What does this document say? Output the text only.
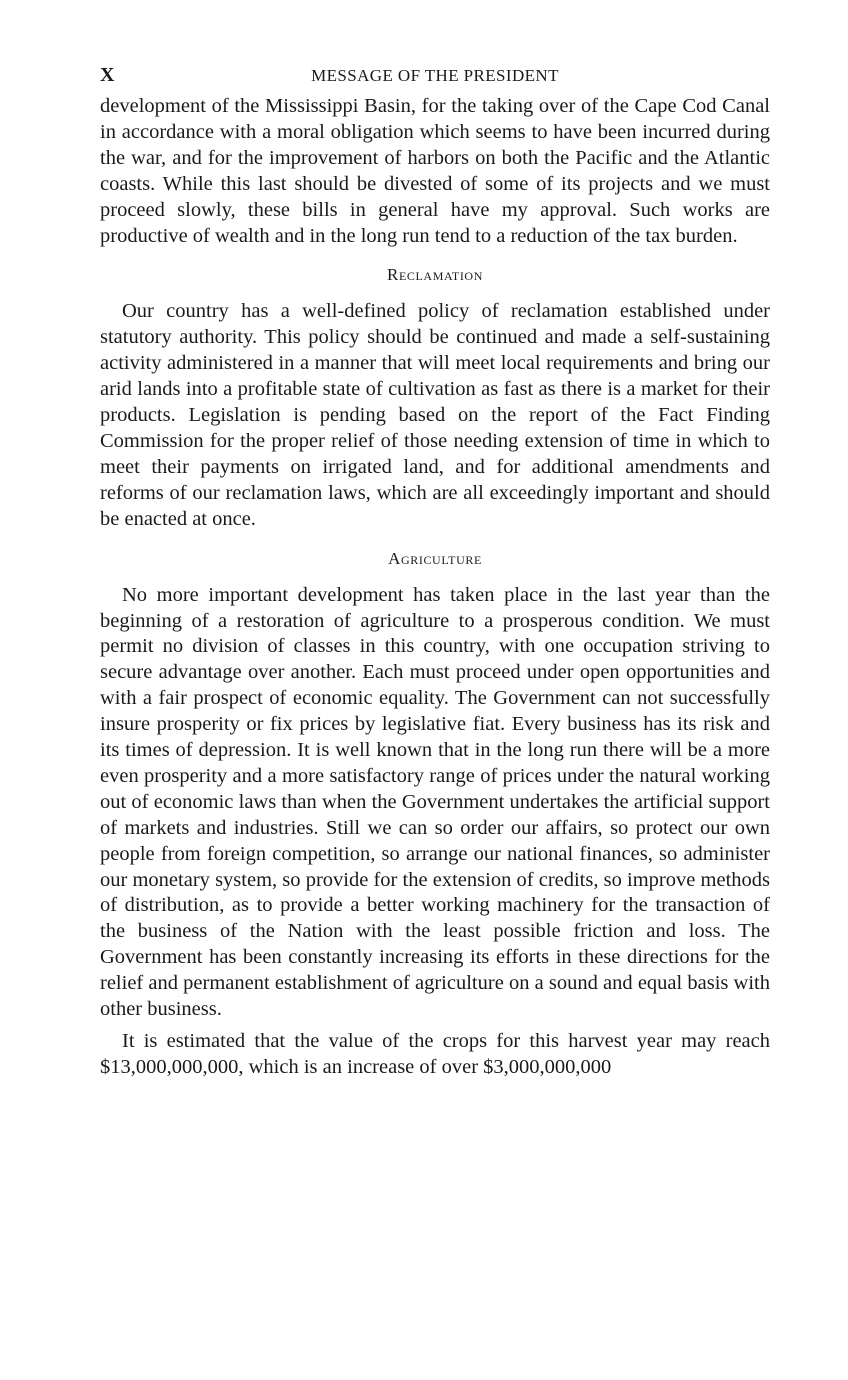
X	MESSAGE OF THE PRESIDENT

development of the Mississippi Basin, for the taking over of the Cape Cod Canal in accordance with a moral obligation which seems to have been incurred during the war, and for the improvement of harbors on both the Pacific and the Atlantic coasts. While this last should be divested of some of its projects and we must proceed slowly, these bills in general have my approval. Such works are productive of wealth and in the long run tend to a reduction of the tax burden.

Reclamation

Our country has a well-defined policy of reclamation established under statutory authority. This policy should be continued and made a self-sustaining activity administered in a manner that will meet local requirements and bring our arid lands into a profitable state of cultivation as fast as there is a market for their products. Legislation is pending based on the report of the Fact Finding Commission for the proper relief of those needing extension of time in which to meet their payments on irrigated land, and for additional amendments and reforms of our reclamation laws, which are all exceedingly important and should be enacted at once.

Agriculture

No more important development has taken place in the last year than the beginning of a restoration of agriculture to a prosperous condition. We must permit no division of classes in this country, with one occupation striving to secure advantage over another. Each must proceed under open opportunities and with a fair prospect of economic equality. The Government can not successfully insure prosperity or fix prices by legislative fiat. Every business has its risk and its times of depression. It is well known that in the long run there will be a more even prosperity and a more satisfactory range of prices under the natural working out of economic laws than when the Government undertakes the artificial support of markets and industries. Still we can so order our affairs, so protect our own people from foreign competition, so arrange our national finances, so administer our monetary system, so provide for the extension of credits, so improve methods of distribution, as to provide a better working machinery for the transaction of the business of the Nation with the least possible friction and loss. The Government has been constantly increasing its efforts in these directions for the relief and permanent establishment of agriculture on a sound and equal basis with other business.

It is estimated that the value of the crops for this harvest year may reach $13,000,000,000, which is an increase of over $3,000,000,000
